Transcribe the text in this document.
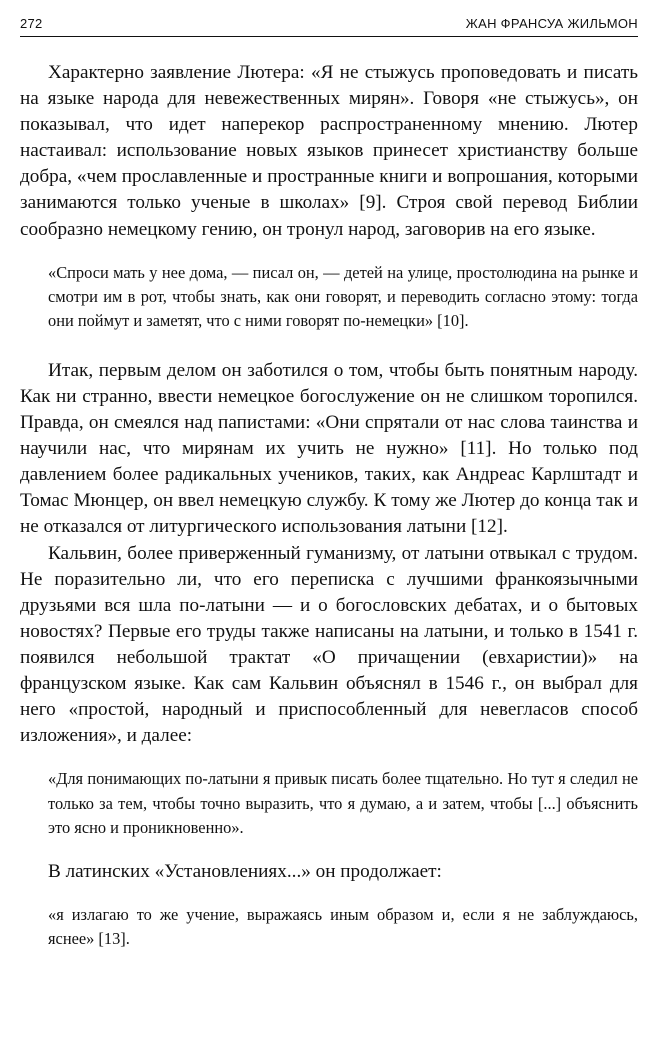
272	ЖАН ФРАНСУА ЖИЛЬМОН

Характерно заявление Лютера: «Я не стыжусь проповедовать и писать на языке народа для невежественных мирян». Говоря «не стыжусь», он показывал, что идет наперекор распространенному мнению. Лютер настаивал: использование новых языков принесет христианству больше добра, «чем прославленные и пространные книги и вопрошания, которыми занимаются только ученые в школах» [9]. Строя свой перевод Библии сообразно немецкому гению, он тронул народ, заговорив на его языке.

«Спроси мать у нее дома, — писал он, — детей на улице, простолюдина на рынке и смотри им в рот, чтобы знать, как они говорят, и переводить согласно этому: тогда они поймут и заметят, что с ними говорят по-немецки» [10].

Итак, первым делом он заботился о том, чтобы быть понятным народу. Как ни странно, ввести немецкое богослужение он не слишком торопился. Правда, он смеялся над папистами: «Они спрятали от нас слова таинства и научили нас, что мирянам их учить не нужно» [11]. Но только под давлением более радикальных учеников, таких, как Андреас Карлштадт и Томас Мюнцер, он ввел немецкую службу. К тому же Лютер до конца так и не отказался от литургического использования латыни [12].

Кальвин, более приверженный гуманизму, от латыни отвыкал с трудом. Не поразительно ли, что его переписка с лучшими франкоязычными друзьями вся шла по-латыни — и о богословских дебатах, и о бытовых новостях? Первые его труды также написаны на латыни, и только в 1541 г. появился небольшой трактат «О причащении (евхаристии)» на французском языке. Как сам Кальвин объяснял в 1546 г., он выбрал для него «простой, народный и приспособленный для невегласов способ изложения», и далее:

«Для понимающих по-латыни я привык писать более тщательно. Но тут я следил не только за тем, чтобы точно выразить, что я думаю, а и затем, чтобы [...] объяснить это ясно и проникновенно».

В латинских «Установлениях...» он продолжает:

«я излагаю то же учение, выражаясь иным образом и, если я не заблуждаюсь, яснее» [13].
